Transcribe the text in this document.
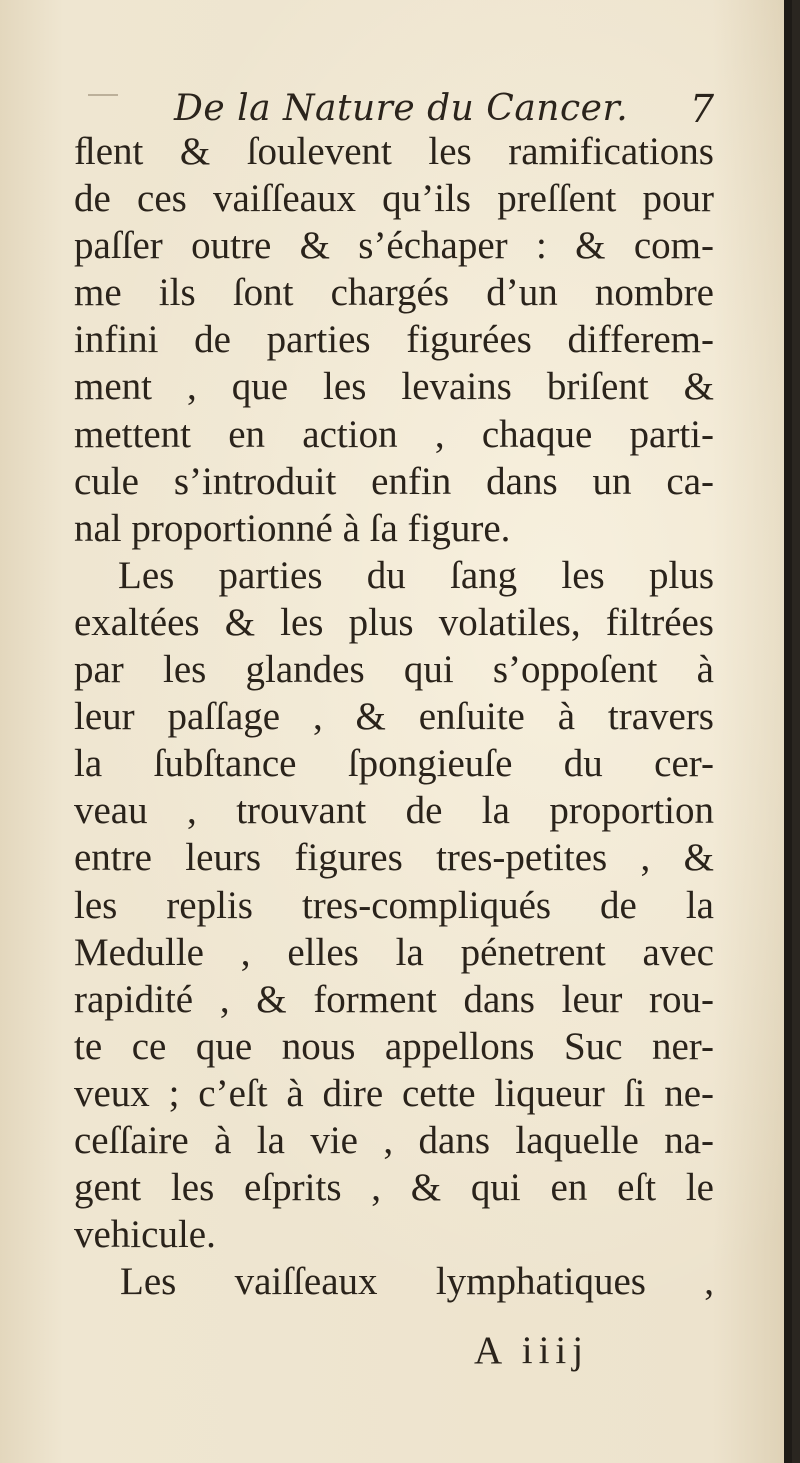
De la Nature du Cancer. 7
ﬂent & ſoulevent les ramifications
de ces vaiſſeaux qu’ils preſſent pour
paſſer outre & s’échaper : & com-
me ils ſont chargés d’un nombre
infini de parties figurées differem-
ment , que les levains briſent &
mettent en action , chaque parti-
cule s’introduit enfin dans un ca-
nal proportionné à ſa figure.
Les parties du ſang les plus
exaltées & les plus volatiles, filtrées
par les glandes qui s’oppoſent à
leur paſſage , & enſuite à travers
la ſubſtance ſpongieuſe du cer-
veau , trouvant de la proportion
entre leurs figures tres-petites , &
les replis tres-compliqués de la
Medulle , elles la pénetrent avec
rapidité , & forment dans leur rou-
te ce que nous appellons Suc ner-
veux ; c’eſt à dire cette liqueur ſi ne-
ceſſaire à la vie , dans laquelle na-
gent les eſprits , & qui en eſt le
vehicule.
Les vaiſſeaux lymphatiques ,
A iiij
